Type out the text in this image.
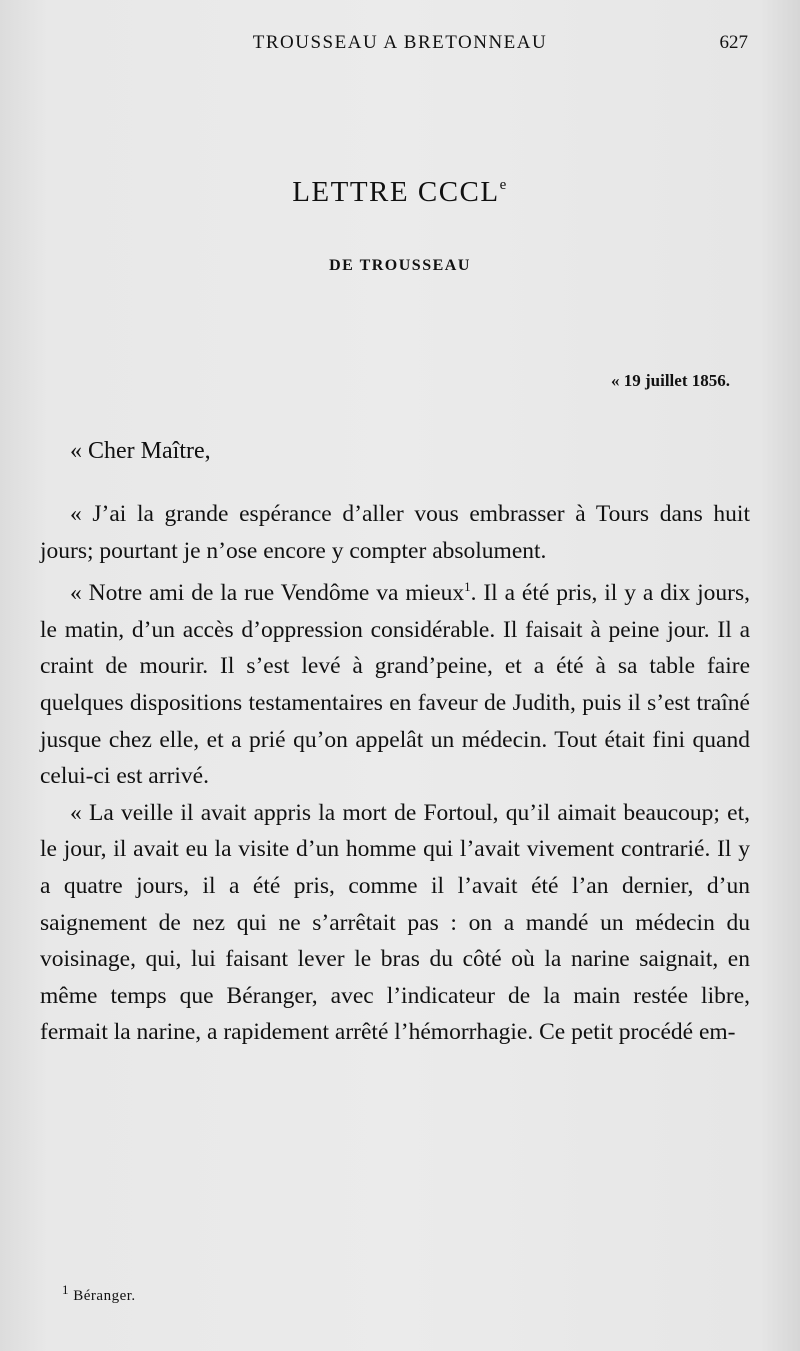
TROUSSEAU A BRETONNEAU	627
LETTRE CCCLe
DE TROUSSEAU
« 19 juillet 1856.
« Cher Maître,

« J’ai la grande espérance d’aller vous embrasser à Tours dans huit jours; pourtant je n’ose encore y compter absolument.

« Notre ami de la rue Vendôme va mieux$^1$. Il a été pris, il y a dix jours, le matin, d’un accès d’oppression considérable. Il faisait à peine jour. Il a craint de mourir. Il s’est levé à grand’peine, et a été à sa table faire quelques dispositions testamentaires en faveur de Judith, puis il s’est traîné jusque chez elle, et a prié qu’on appelât un médecin. Tout était fini quand celui-ci est arrivé.

« La veille il avait appris la mort de Fortoul, qu’il aimait beaucoup; et, le jour, il avait eu la visite d’un homme qui l’avait vivement contrarié. Il y a quatre jours, il a été pris, comme il l’avait été l’an dernier, d’un saignement de nez qui ne s’arrêtait pas : on a mandé un médecin du voisinage, qui, lui faisant lever le bras du côté où la narine saignait, en même temps que Béranger, avec l’indicateur de la main restée libre, fermait la narine, a rapidement arrêté l’hémorrhagie. Ce petit procédé em-

$^1$ Béranger.
